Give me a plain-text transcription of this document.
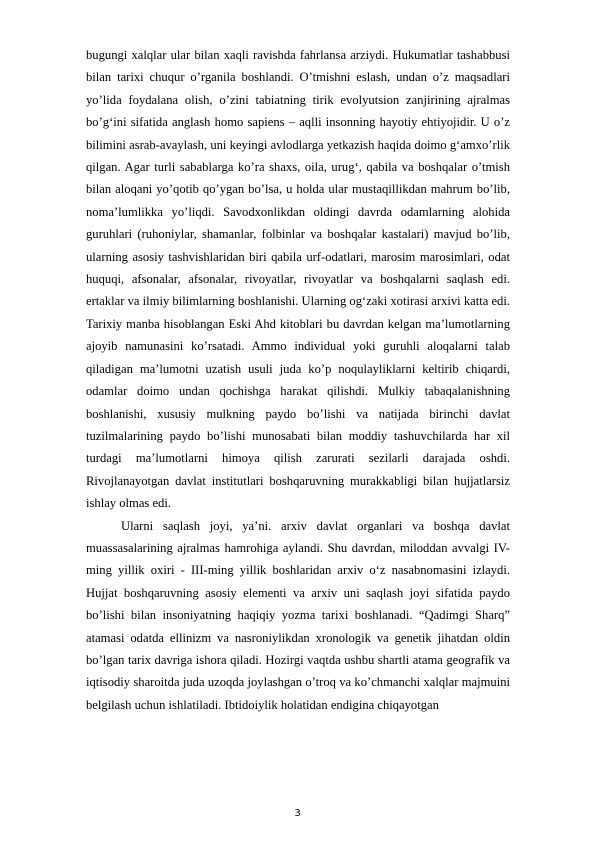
bugungi xalqlar ular bilan xaqli ravishda fahrlansa arziydi. Hukumatlar tashabbusi bilan tarixi chuqur o’rganila boshlandi. O’tmishni eslash, undan o’z maqsadlari yo’lida foydalana olish, o’zini tabiatning tirik evolyutsion zanjirining ajralmas bo’g‘ini sifatida anglash homo sapiens – aqlli insonning hayotiy ehtiyojidir. U o’z bilimini asrab-avaylash, uni keyingi avlodlarga yetkazish haqida doimo g‘amxo’rlik qilgan. Agar turli sabablarga ko’ra shaxs, oila, urug‘, qabila va boshqalar o’tmish bilan aloqani yo’qotib qo’ygan bo’lsa, u holda ular mustaqillikdan mahrum bo’lib, noma’lumlikka yo’liqdi. Savodxonlikdan oldingi davrda odamlarning alohida guruhlari (ruhoniylar, shamanlar, folbinlar va boshqalar kastalari) mavjud bo’lib, ularning asosiy tashvishlaridan biri qabila urf-odatlari, marosim marosimlari, odat huquqi, afsonalar, afsonalar, rivoyatlar, rivoyatlar va boshqalarni saqlash edi. ertaklar va ilmiy bilimlarning boshlanishi. Ularning og‘zaki xotirasi arxivi katta edi. Tarixiy manba hisoblangan Eski Ahd kitoblari bu davrdan kelgan ma’lumotlarning ajoyib namunasini ko’rsatadi. Ammo individual yoki guruhli aloqalarni talab qiladigan ma’lumotni uzatish usuli juda ko’p noqulayliklarni keltirib chiqardi, odamlar doimo undan qochishga harakat qilishdi. Mulkiy tabaqalanishning boshlanishi, xususiy mulkning paydo bo’lishi va natijada birinchi davlat tuzilmalarining paydo bo’lishi munosabati bilan moddiy tashuvchilarda har xil turdagi ma’lumotlarni himoya qilish zarurati sezilarli darajada oshdi. Rivojlanayotgan davlat institutlari boshqaruvning murakkabligi bilan hujjatlarsiz ishlay olmas edi.

Ularni saqlash joyi, ya’ni. arxiv davlat organlari va boshqa davlat muassasalarining ajralmas hamrohiga aylandi. Shu davrdan, miloddan avvalgi IV-ming yillik oxiri - III-ming yillik boshlaridan arxiv o‘z nasabnomasini izlaydi. Hujjat boshqaruvning asosiy elementi va arxiv uni saqlash joyi sifatida paydo bo’lishi bilan insoniyatning haqiqiy yozma tarixi boshlanadi. “Qadimgi Sharq” atamasi odatda ellinizm va nasroniylikdan xronologik va genetik jihatdan oldin bo’lgan tarix davriga ishora qiladi. Hozirgi vaqtda ushbu shartli atama geografik va iqtisodiy sharoitda juda uzoqda joylashgan o’troq va ko’chmanchi xalqlar majmuini belgilash uchun ishlatiladi. Ibtidoiylik holatidan endigina chiqayotgan

3
